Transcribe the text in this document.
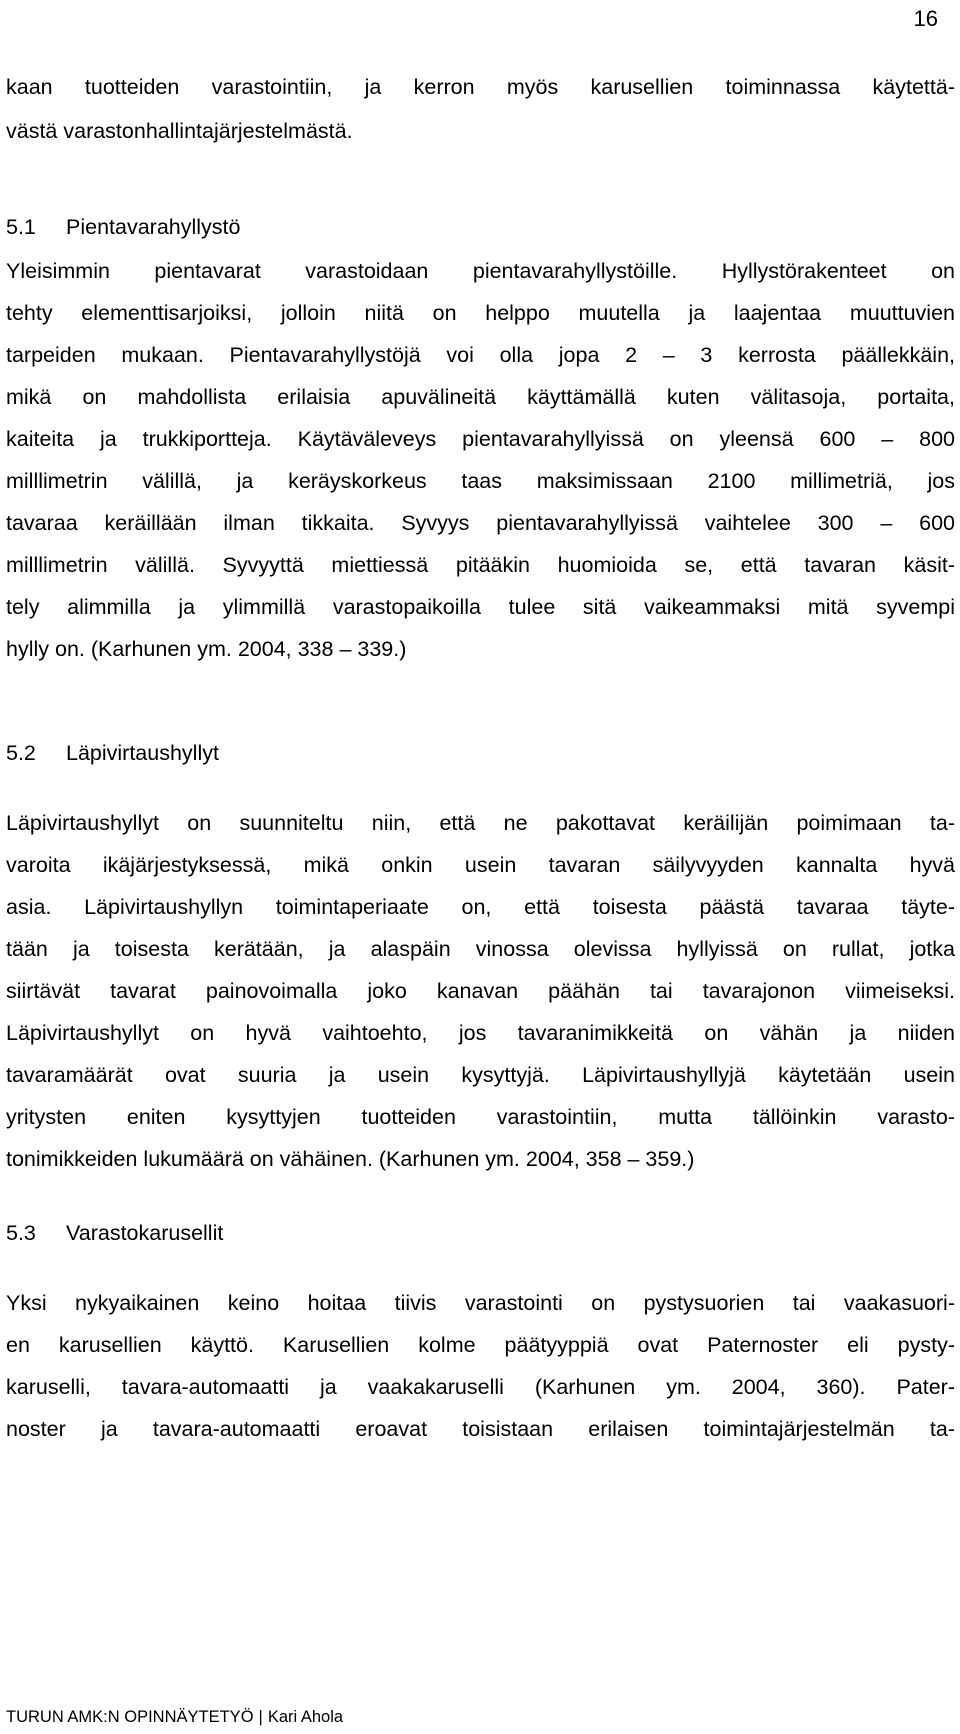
16
kaan tuotteiden varastointiin, ja kerron myös karusellien toiminnassa käytettä-
västä varastonhallintajärjestelmästä.
5.1 Pientavarahyllystö
Yleisimmin pientavarat varastoidaan pientavarahyllystöille. Hyllystörakenteet on
tehty elementtisarjoiksi, jolloin niitä on helppo muutella ja laajentaa muuttuvien
tarpeiden mukaan. Pientavarahyllystöjä voi olla jopa 2 – 3 kerrosta päällekkäin,
mikä on mahdollista erilaisia apuvälineitä käyttämällä kuten välitasoja, portaita,
kaiteita ja trukkiportteja. Käytäväleveys pientavarahyllyissä on yleensä 600 – 800
milllimetrin välillä, ja keräyskorkeus taas maksimissaan 2100 millimetriä, jos
tavaraa keräillään ilman tikkaita. Syvyys pientavarahyllyissä vaihtelee 300 – 600
milllimetrin välillä. Syvyyttä miettiessä pitääkin huomioida se, että tavaran käsit-
tely alimmilla ja ylimmillä varastopaikoilla tulee sitä vaikeammaksi mitä syvempi
hylly on. (Karhunen ym. 2004, 338 – 339.)
5.2 Läpivirtaushyllyt
Läpivirtaushyllyt on suunniteltu niin, että ne pakottavat keräilijän poimimaan ta-
varoita ikäjärjestyksessä, mikä onkin usein tavaran säilyvyyden kannalta hyvä
asia. Läpivirtaushyllyn toimintaperiaate on, että toisesta päästä tavaraa täyte-
tään ja toisesta kerätään, ja alaspäin vinossa olevissa hyllyissä on rullat, jotka
siirtävät tavarat painovoimalla joko kanavan päähän tai tavarajonon viimeiseksi.
Läpivirtaushyllyt on hyvä vaihtoehto, jos tavaranimikkeitä on vähän ja niiden
tavaramäärät ovat suuria ja usein kysyttyjä. Läpivirtaushyllyjä käytetään usein
yritysten eniten kysyttyjen tuotteiden varastointiin, mutta tällöinkin varasto-
tonimikkeiden lukumäärä on vähäinen. (Karhunen ym. 2004, 358 – 359.)
5.3 Varastokarusellit
Yksi nykyaikainen keino hoitaa tiivis varastointi on pystysuorien tai vaakasuori-
en karusellien käyttö. Karusellien kolme päätyyppiä ovat Paternoster eli pysty-
karuselli, tavara-automaatti ja vaakakaruselli (Karhunen ym. 2004, 360). Pater-
noster ja tavara-automaatti eroavat toisistaan erilaisen toimintajärjestelmän ta-
TURUN AMK:N OPINNÄYTETYÖ | Kari Ahola
